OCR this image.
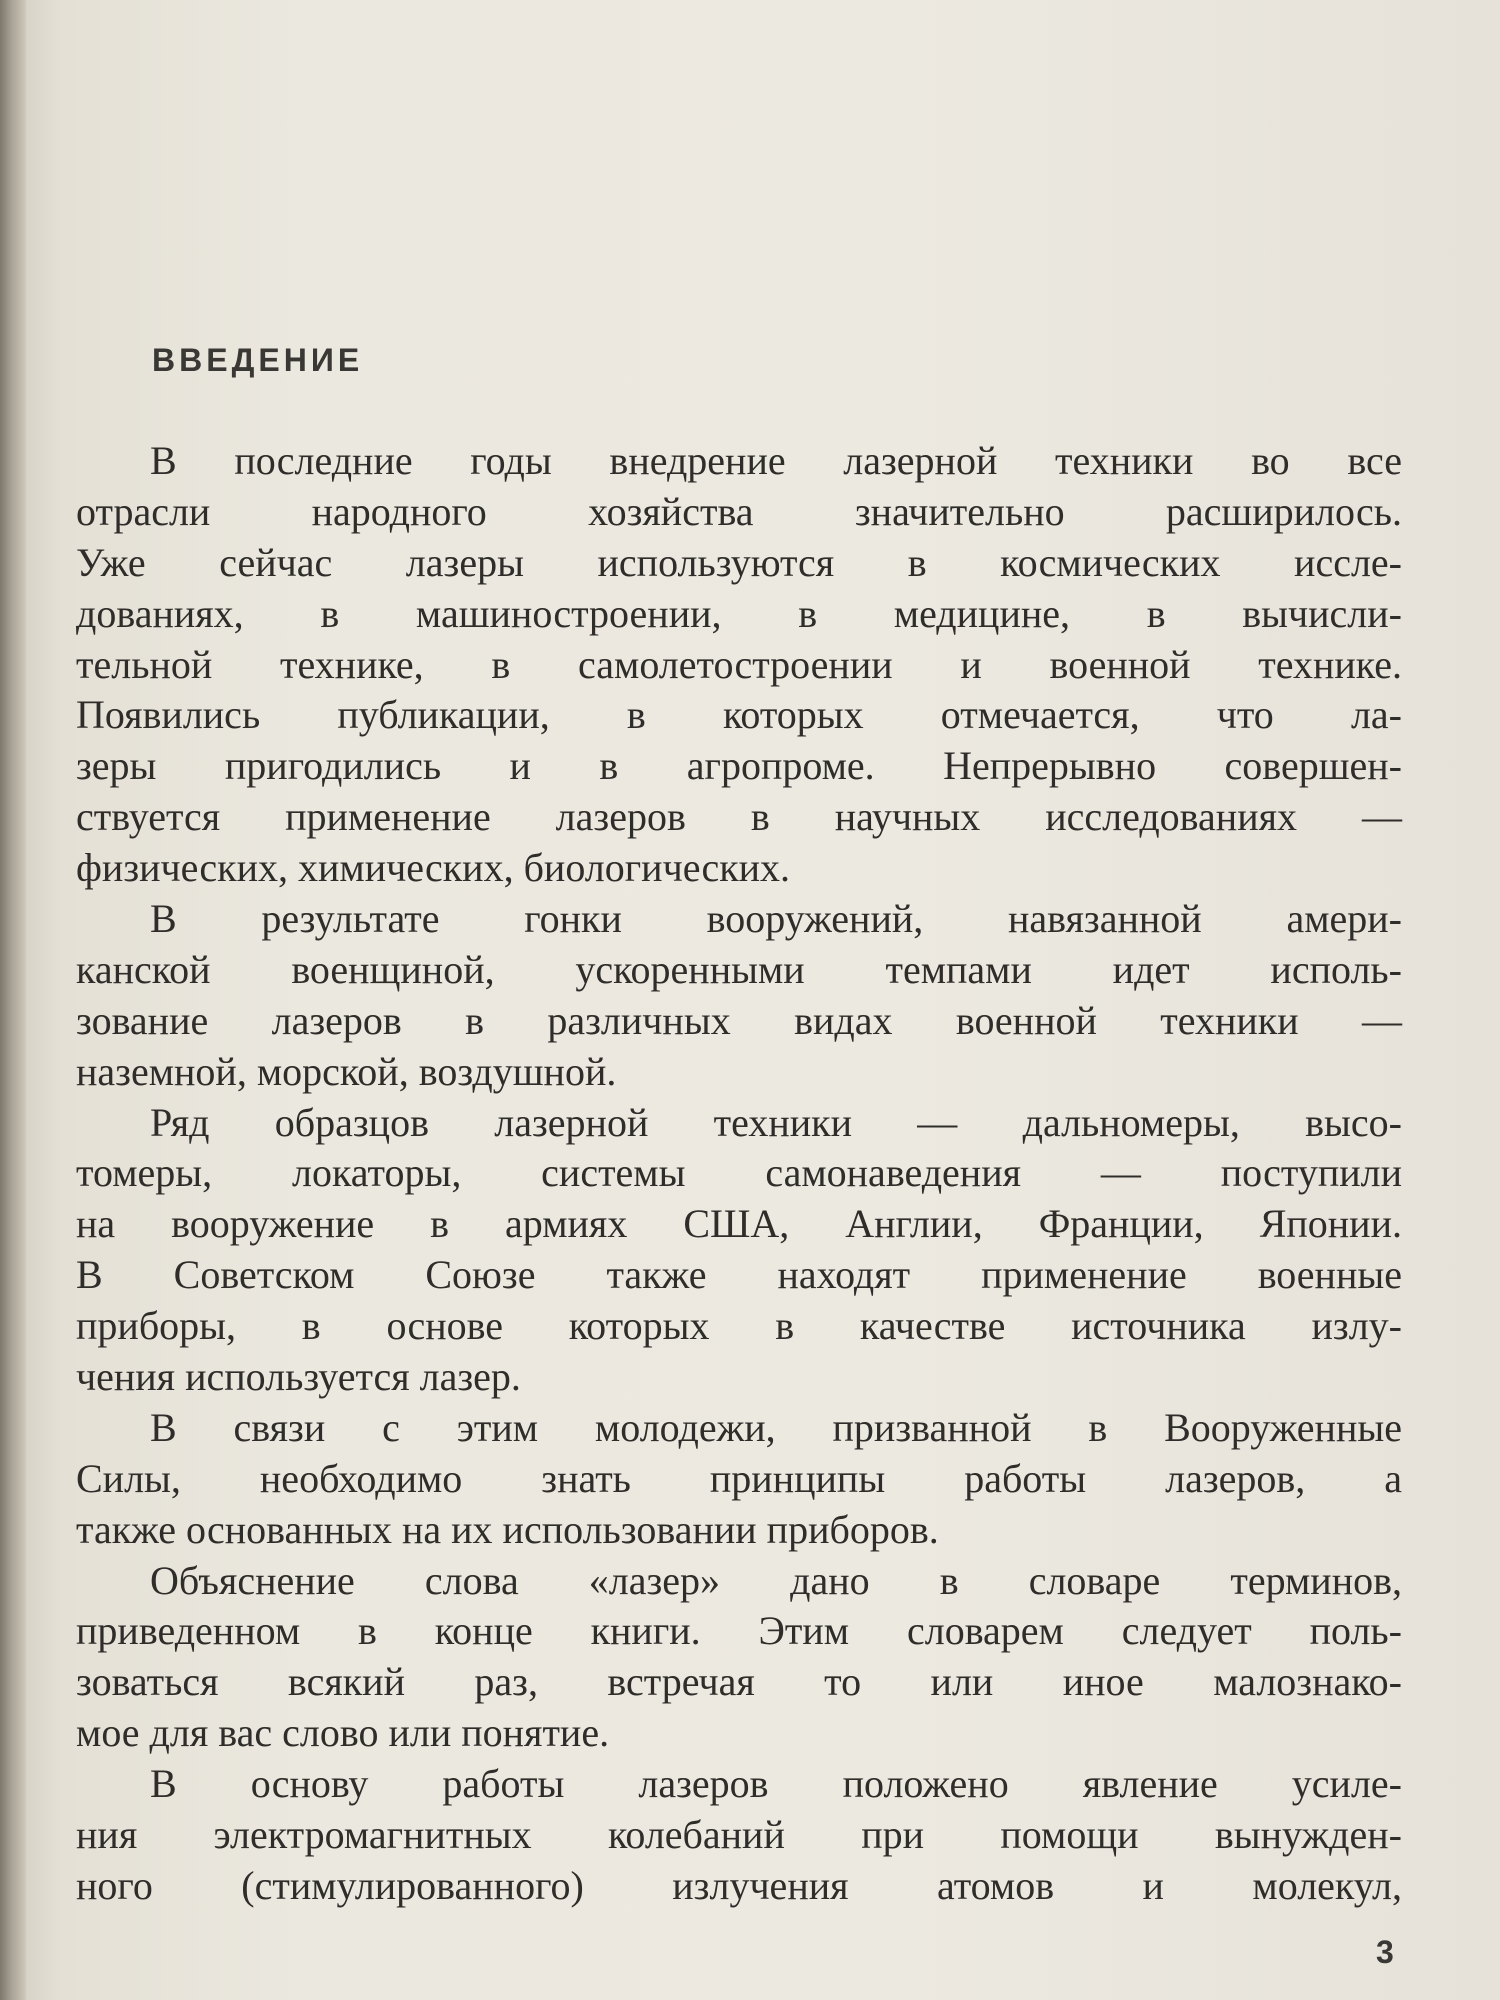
ВВЕДЕНИЕ
В последние годы внедрение лазерной техники во все
отрасли народного хозяйства значительно расширилось.
Уже сейчас лазеры используются в космических иссле-
дованиях, в машиностроении, в медицине, в вычисли-
тельной технике, в самолетостроении и военной технике.
Появились публикации, в которых отмечается, что ла-
зеры пригодились и в агропроме. Непрерывно совершен-
ствуется применение лазеров в научных исследованиях —
физических, химических, биологических.
В результате гонки вооружений, навязанной амери-
канской военщиной, ускоренными темпами идет исполь-
зование лазеров в различных видах военной техники —
наземной, морской, воздушной.
Ряд образцов лазерной техники — дальномеры, высо-
томеры, локаторы, системы самонаведения — поступили
на вооружение в армиях США, Англии, Франции, Японии.
В Советском Союзе также находят применение военные
приборы, в основе которых в качестве источника излу-
чения используется лазер.
В связи с этим молодежи, призванной в Вооруженные
Силы, необходимо знать принципы работы лазеров, а
также основанных на их использовании приборов.
Объяснение слова «лазер» дано в словаре терминов,
приведенном в конце книги. Этим словарем следует поль-
зоваться всякий раз, встречая то или иное малознако-
мое для вас слово или понятие.
В основу работы лазеров положено явление усиле-
ния электромагнитных колебаний при помощи вынужден-
ного (стимулированного) излучения атомов и молекул,
3
